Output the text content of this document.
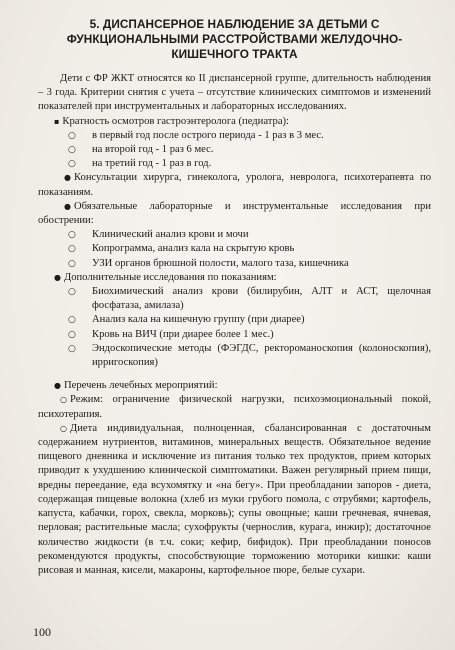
5. ДИСПАНСЕРНОЕ НАБЛЮДЕНИЕ ЗА ДЕТЬМИ С ФУНКЦИОНАЛЬНЫМИ РАССТРОЙСТВАМИ ЖЕЛУДОЧНО-КИШЕЧНОГО ТРАКТА

Дети с ФР ЖКТ относятся ко II диспансерной группе, длительность наблюдения – 3 года. Критерии снятия с учета – отсутствие клинических симптомов и изменений показателей при инструментальных и лабораторных исследованиях.

▪ Кратность осмотров гастроэнтеролога (педиатра):

○ в первый год после острого периода - 1 раз в 3 мес.
○ на второй год - 1 раз 6 мес.
○ на третий год - 1 раз в год.

● Консультации хирурга, гинеколога, уролога, невролога, психотерапевта по показаниям.

● Обязательные лабораторные и инструментальные исследования при обострении:

○ Клинический анализ крови и мочи
○ Копрограмма, анализ кала на скрытую кровь
○ УЗИ органов брюшной полости, малого таза, кишечника

● Дополнительные исследования по показаниям:

○ Биохимический анализ крови (билирубин, АЛТ и АСТ, щелочная фосфатаза, амилаза)
○ Анализ кала на кишечную группу (при диарее)
○ Кровь на ВИЧ (при диарее более 1 мес.)
○ Эндоскопические методы (ФЭГДС, ректороманоскопия (колоноскопия), ирригоскопия)

● Перечень лечебных мероприятий:

○ Режим: ограничение физической нагрузки, психоэмоциональный покой, психотерапия.

○ Диета индивидуальная, полноценная, сбалансированная с достаточным содержанием нутриентов, витаминов, минеральных веществ. Обязательное ведение пищевого дневника и исключение из питания только тех продуктов, прием которых приводит к ухудшению клинической симптоматики. Важен регулярный прием пищи, вредны переедание, еда всухомятку и «на бегу». При преобладании запоров - диета, содержащая пищевые волокна (хлеб из муки грубого помола, с отрубями; картофель, капуста, кабачки, горох, свекла, морковь); супы овощные; каши гречневая, ячневая, перловая; растительные масла; сухофрукты (чернослив, курага, инжир); достаточное количество жидкости (в т.ч. соки; кефир, бифидок). При преобладании поносов рекомендуются продукты, способствующие торможению моторики кишки: каши рисовая и манная, кисели, макароны, картофельное пюре, белые сухари.

100
